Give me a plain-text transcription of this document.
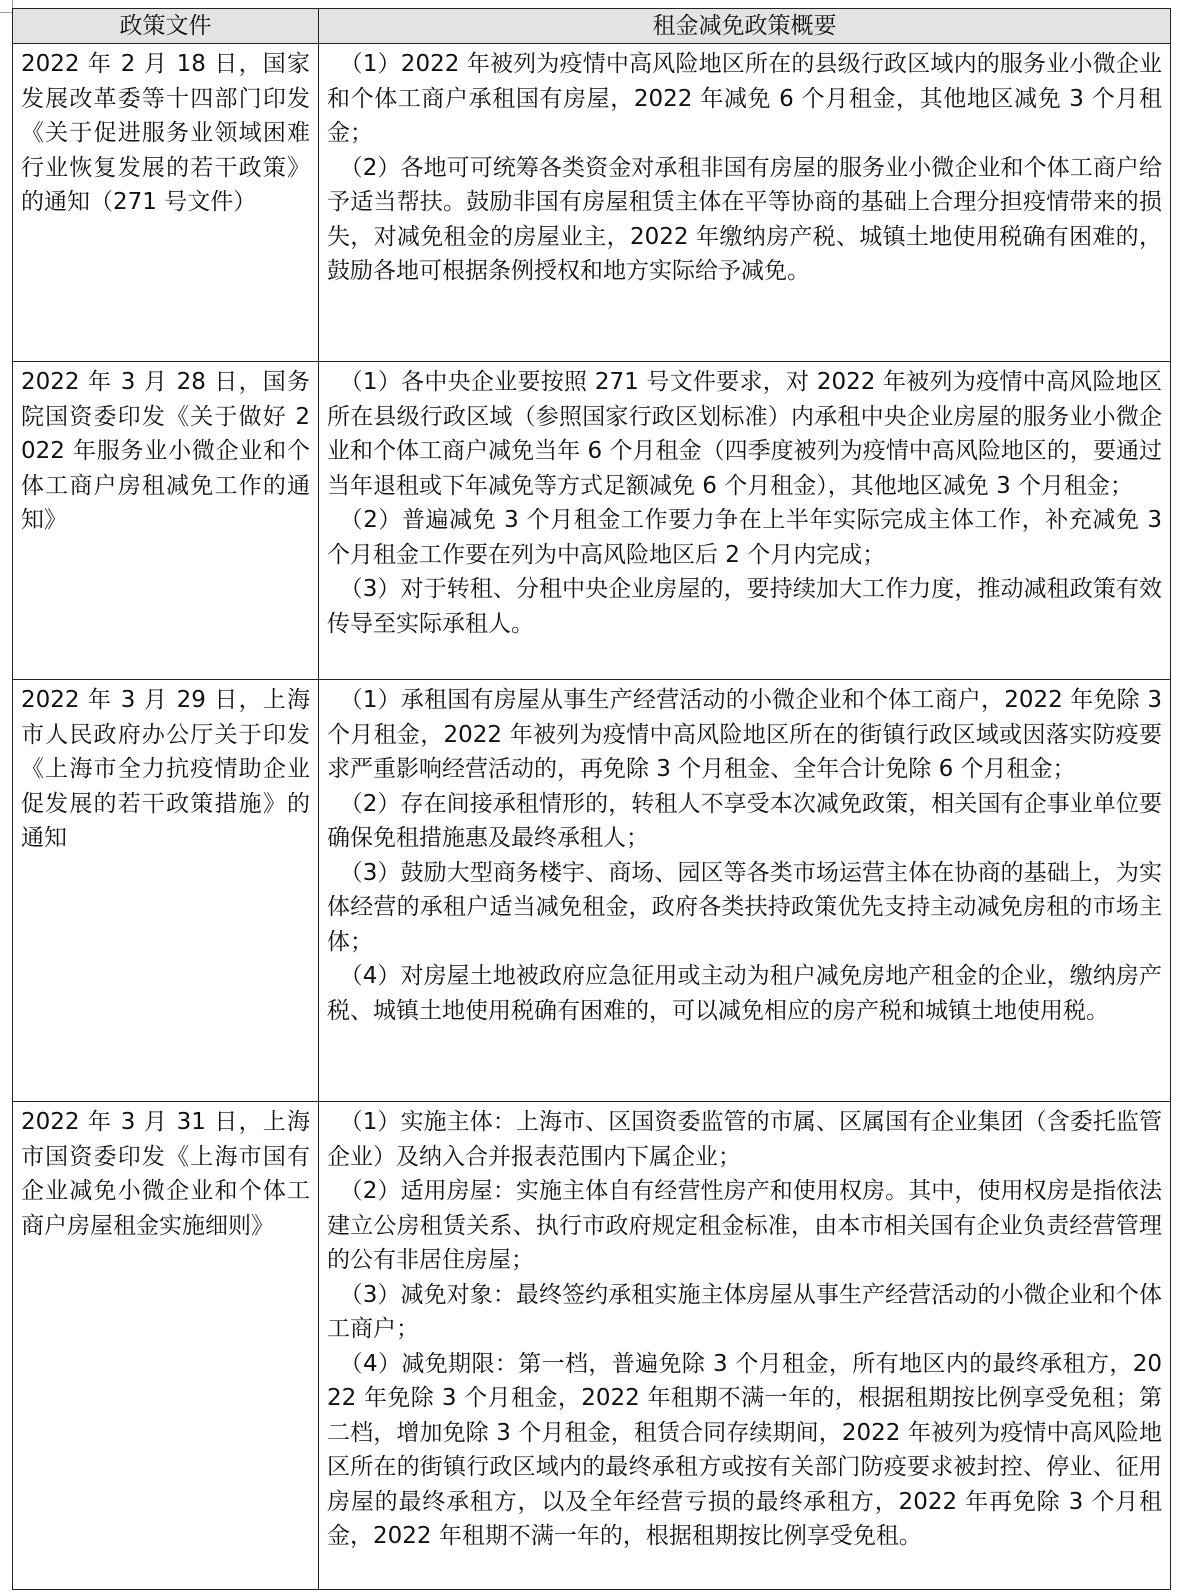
政策文件	租金减免政策概要
2022 年 2 月 18 日，国家发展改革委等十四部门印发《关于促进服务业领域困难行业恢复发展的若干政策》的通知（271 号文件）	（1）2022 年被列为疫情中高风险地区所在的县级行政区域内的服务业小微企业和个体工商户承租国有房屋，2022 年减免 6 个月租金，其他地区减免 3 个月租金；

（2）各地可可统筹各类资金对承租非国有房屋的服务业小微企业和个体工商户给予适当帮扶。鼓励非国有房屋租赁主体在平等协商的基础上合理分担疫情带来的损失，对减免租金的房屋业主，2022 年缴纳房产税、城镇土地使用税确有困难的，鼓励各地可根据条例授权和地方实际给予减免。

2022 年 3 月 28 日，国务院国资委印发《关于做好 2022 年服务业小微企业和个体工商户房租减免工作的通知》	（1）各中央企业要按照 271 号文件要求，对 2022 年被列为疫情中高风险地区所在县级行政区域（参照国家行政区划标准）内承租中央企业房屋的服务业小微企业和个体工商户减免当年 6 个月租金（四季度被列为疫情中高风险地区的，要通过当年退租或下年减免等方式足额减免 6 个月租金），其他地区减免 3 个月租金；

（2）普遍减免 3 个月租金工作要力争在上半年实际完成主体工作，补充减免 3 个月租金工作要在列为中高风险地区后 2 个月内完成；

（3）对于转租、分租中央企业房屋的，要持续加大工作力度，推动减租政策有效传导至实际承租人。

2022 年 3 月 29 日，上海市人民政府办公厅关于印发《上海市全力抗疫情助企业促发展的若干政策措施》的通知	（1）承租国有房屋从事生产经营活动的小微企业和个体工商户，2022 年免除 3 个月租金，2022 年被列为疫情中高风险地区所在的街镇行政区域或因落实防疫要求严重影响经营活动的，再免除 3 个月租金、全年合计免除 6 个月租金；

（2）存在间接承租情形的，转租人不享受本次减免政策，相关国有企事业单位要确保免租措施惠及最终承租人；

（3）鼓励大型商务楼宇、商场、园区等各类市场运营主体在协商的基础上，为实体经营的承租户适当减免租金，政府各类扶持政策优先支持主动减免房租的市场主体；

（4）对房屋土地被政府应急征用或主动为租户减免房地产租金的企业，缴纳房产税、城镇土地使用税确有困难的，可以减免相应的房产税和城镇土地使用税。

2022 年 3 月 31 日，上海市国资委印发《上海市国有企业减免小微企业和个体工商户房屋租金实施细则》	（1）实施主体：上海市、区国资委监管的市属、区属国有企业集团（含委托监管企业）及纳入合并报表范围内下属企业；

（2）适用房屋：实施主体自有经营性房产和使用权房。其中，使用权房是指依法建立公房租赁关系、执行市政府规定租金标准，由本市相关国有企业负责经营管理的公有非居住房屋；

（3）减免对象：最终签约承租实施主体房屋从事生产经营活动的小微企业和个体工商户；

（4）减免期限：第一档，普遍免除 3 个月租金，所有地区内的最终承租方，2022 年免除 3 个月租金，2022 年租期不满一年的，根据租期按比例享受免租；第二档，增加免除 3 个月租金，租赁合同存续期间，2022 年被列为疫情中高风险地区所在的街镇行政区域内的最终承租方或按有关部门防疫要求被封控、停业、征用房屋的最终承租方，以及全年经营亏损的最终承租方，2022 年再免除 3 个月租金，2022 年租期不满一年的，根据租期按比例享受免租。
